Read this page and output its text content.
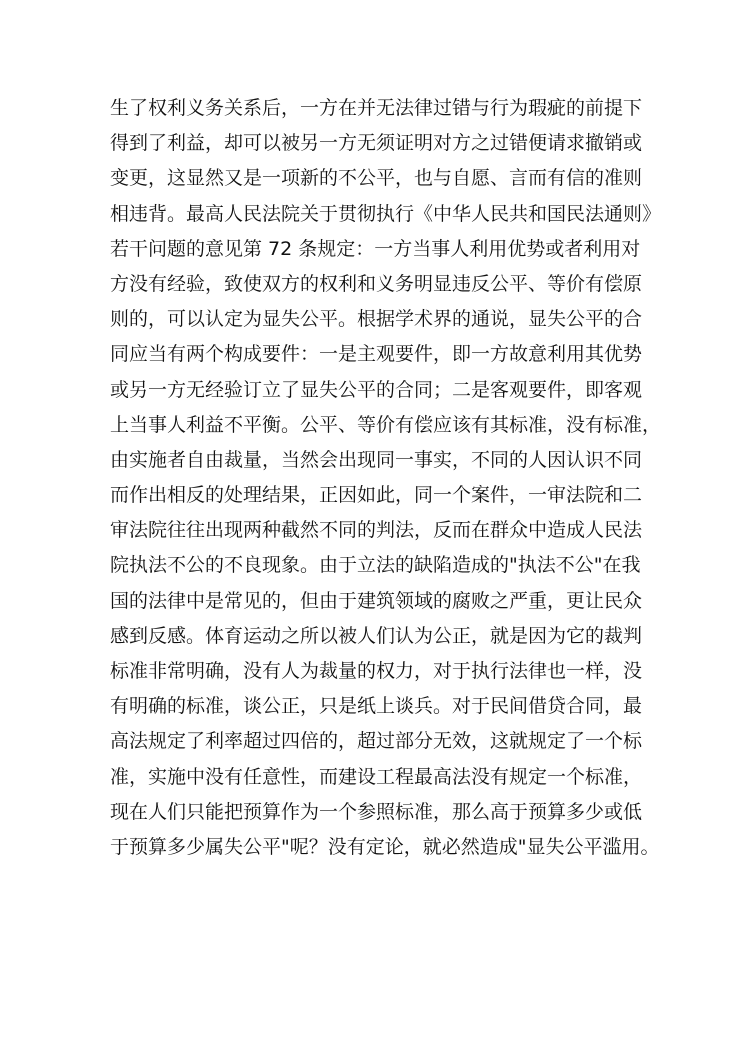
生了权利义务关系后，一方在并无法律过错与行为瑕疵的前提下
得到了利益，却可以被另一方无须证明对方之过错便请求撤销或
变更，这显然又是一项新的不公平，也与自愿、言而有信的准则
相违背。最高人民法院关于贯彻执行《中华人民共和国民法通则》
若干问题的意见第 72 条规定：一方当事人利用优势或者利用对
方没有经验，致使双方的权利和义务明显违反公平、等价有偿原
则的，可以认定为显失公平。根据学术界的通说，显失公平的合
同应当有两个构成要件：一是主观要件，即一方故意利用其优势
或另一方无经验订立了显失公平的合同；二是客观要件，即客观
上当事人利益不平衡。公平、等价有偿应该有其标准，没有标准，
由实施者自由裁量，当然会出现同一事实，不同的人因认识不同
而作出相反的处理结果，正因如此，同一个案件，一审法院和二
审法院往往出现两种截然不同的判法，反而在群众中造成人民法
院执法不公的不良现象。由于立法的缺陷造成的"执法不公"在我
国的法律中是常见的，但由于建筑领域的腐败之严重，更让民众
感到反感。体育运动之所以被人们认为公正，就是因为它的裁判
标准非常明确，没有人为裁量的权力，对于执行法律也一样，没
有明确的标准，谈公正，只是纸上谈兵。对于民间借贷合同，最
高法规定了利率超过四倍的，超过部分无效，这就规定了一个标
准，实施中没有任意性，而建设工程最高法没有规定一个标准，
现在人们只能把预算作为一个参照标准，那么高于预算多少或低
于预算多少属失公平"呢？没有定论，就必然造成"显失公平滥用。
